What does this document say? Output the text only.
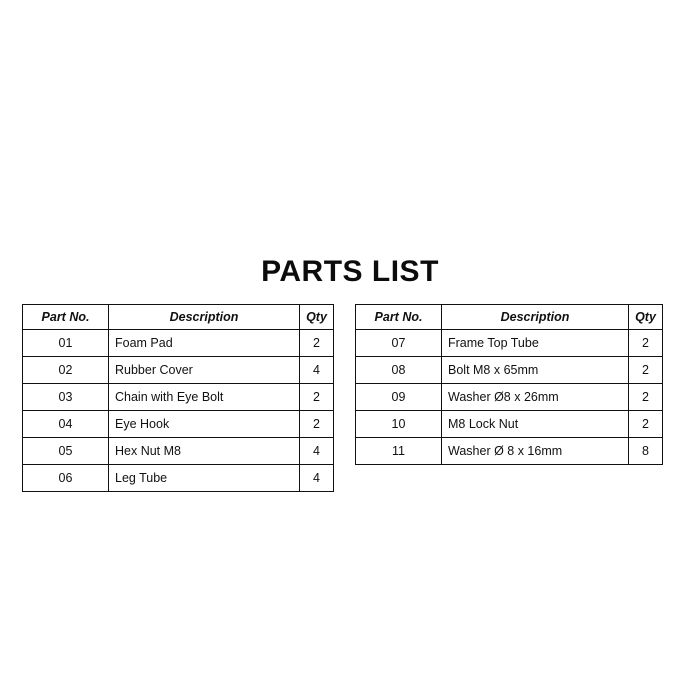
PARTS LIST
Part No.	Description	Qty
01	Foam Pad	2
02	Rubber Cover	4
03	Chain with Eye Bolt	2
04	Eye Hook	2
05	Hex Nut M8	4
06	Leg Tube	4
Part No.	Description	Qty
07	Frame Top Tube	2
08	Bolt M8 x 65mm	2
09	Washer Ø8 x 26mm	2
10	M8 Lock Nut	2
11	Washer Ø 8 x 16mm	8
